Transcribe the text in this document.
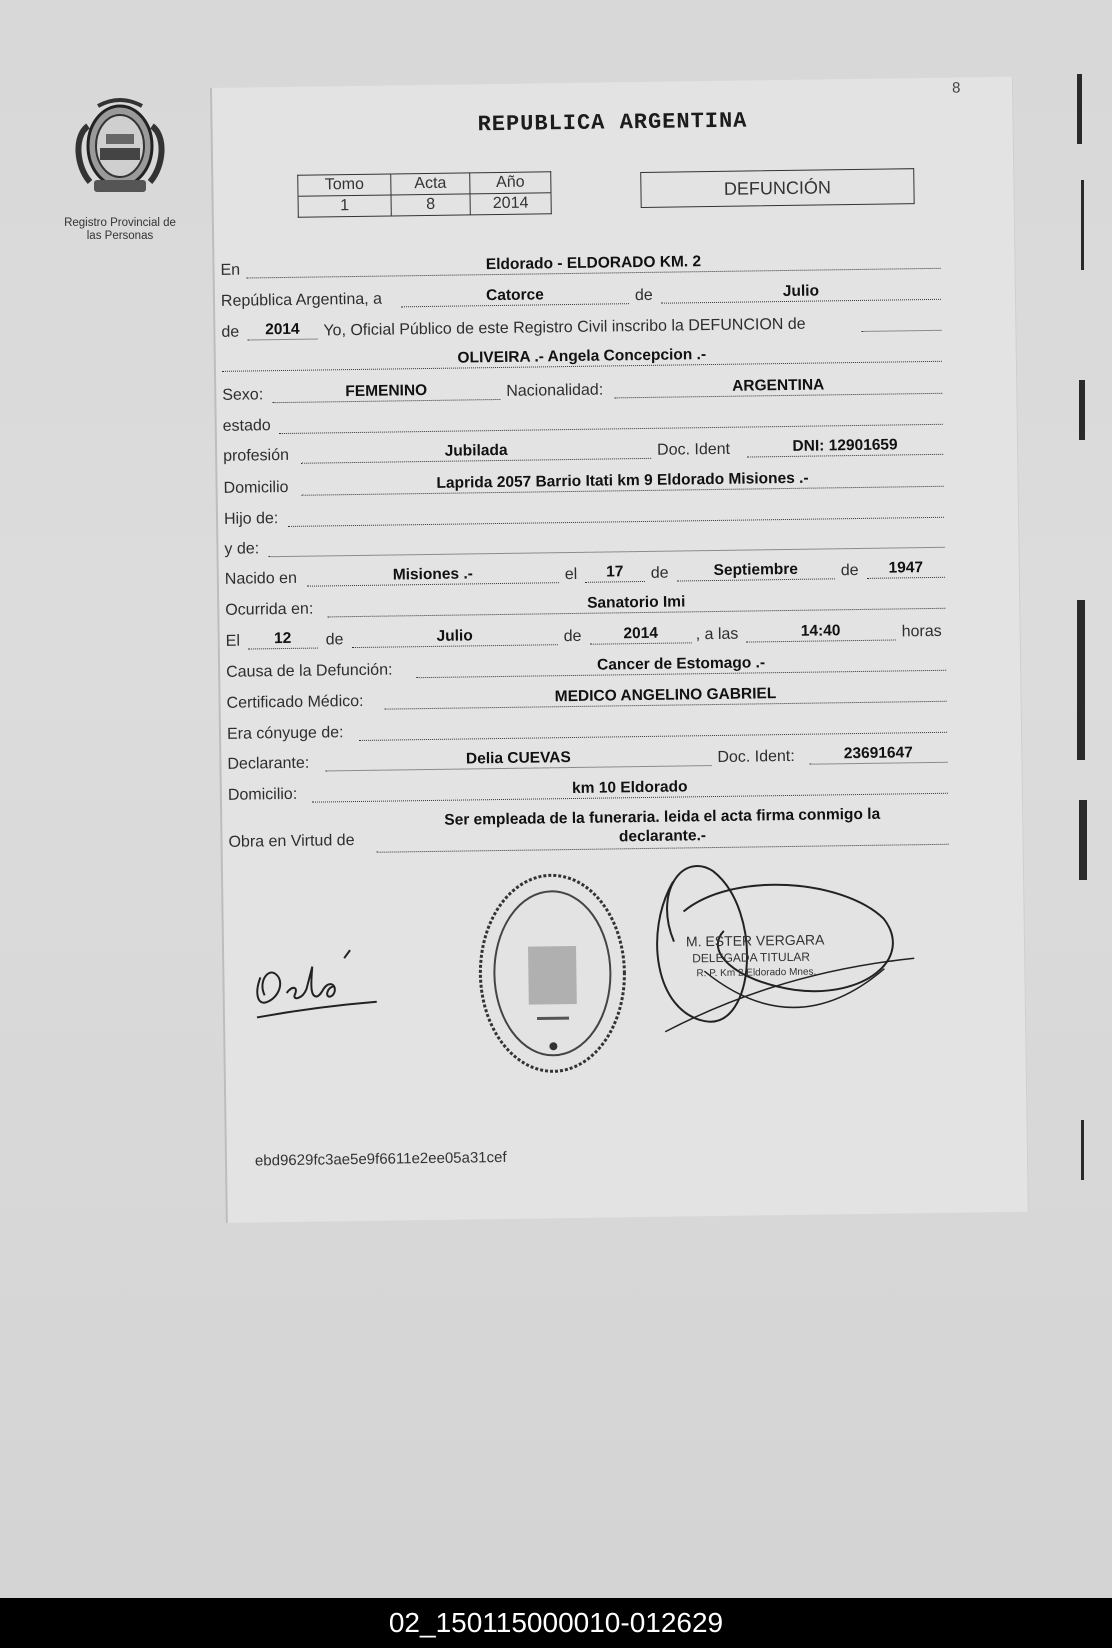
Registro Provincial de
las Personas
8
REPUBLICA ARGENTINA
Tomo	Acta	Año
1	8	2014
DEFUNCIÓN
En	Eldorado - ELDORADO KM. 2
República Argentina, a	Catorce	de	Julio
de	2014	Yo, Oficial Público de este Registro Civil inscribo la DEFUNCION de
OLIVEIRA .- Angela Concepcion .-
Sexo:	FEMENINO	Nacionalidad:	ARGENTINA
estado
profesión	Jubilada	Doc. Ident	DNI: 12901659
Domicilio	Laprida 2057 Barrio Itati km 9 Eldorado Misiones .-
Hijo de:
y de:
Nacido en	Misiones .-	el	17	de	Septiembre	de	1947
Ocurrida en:	Sanatorio Imi
El	12	de	Julio	de	2014	, a las	14:40	horas
Causa de la Defunción:	Cancer de Estomago .-
Certificado Médico:	MEDICO ANGELINO GABRIEL
Era cónyuge de:
Declarante:	Delia CUEVAS	Doc. Ident:	23691647
Domicilio:	km 10 Eldorado
Obra en Virtud de
Ser empleada de la funeraria. leida el acta firma conmigo la
declarante.-
M. ESTER VERGARA
DELEGADA TITULAR
R. P. Km 2 Eldorado Mnes.
ebd9629fc3ae5e9f6611e2ee05a31cef
02_150115000010-012629
